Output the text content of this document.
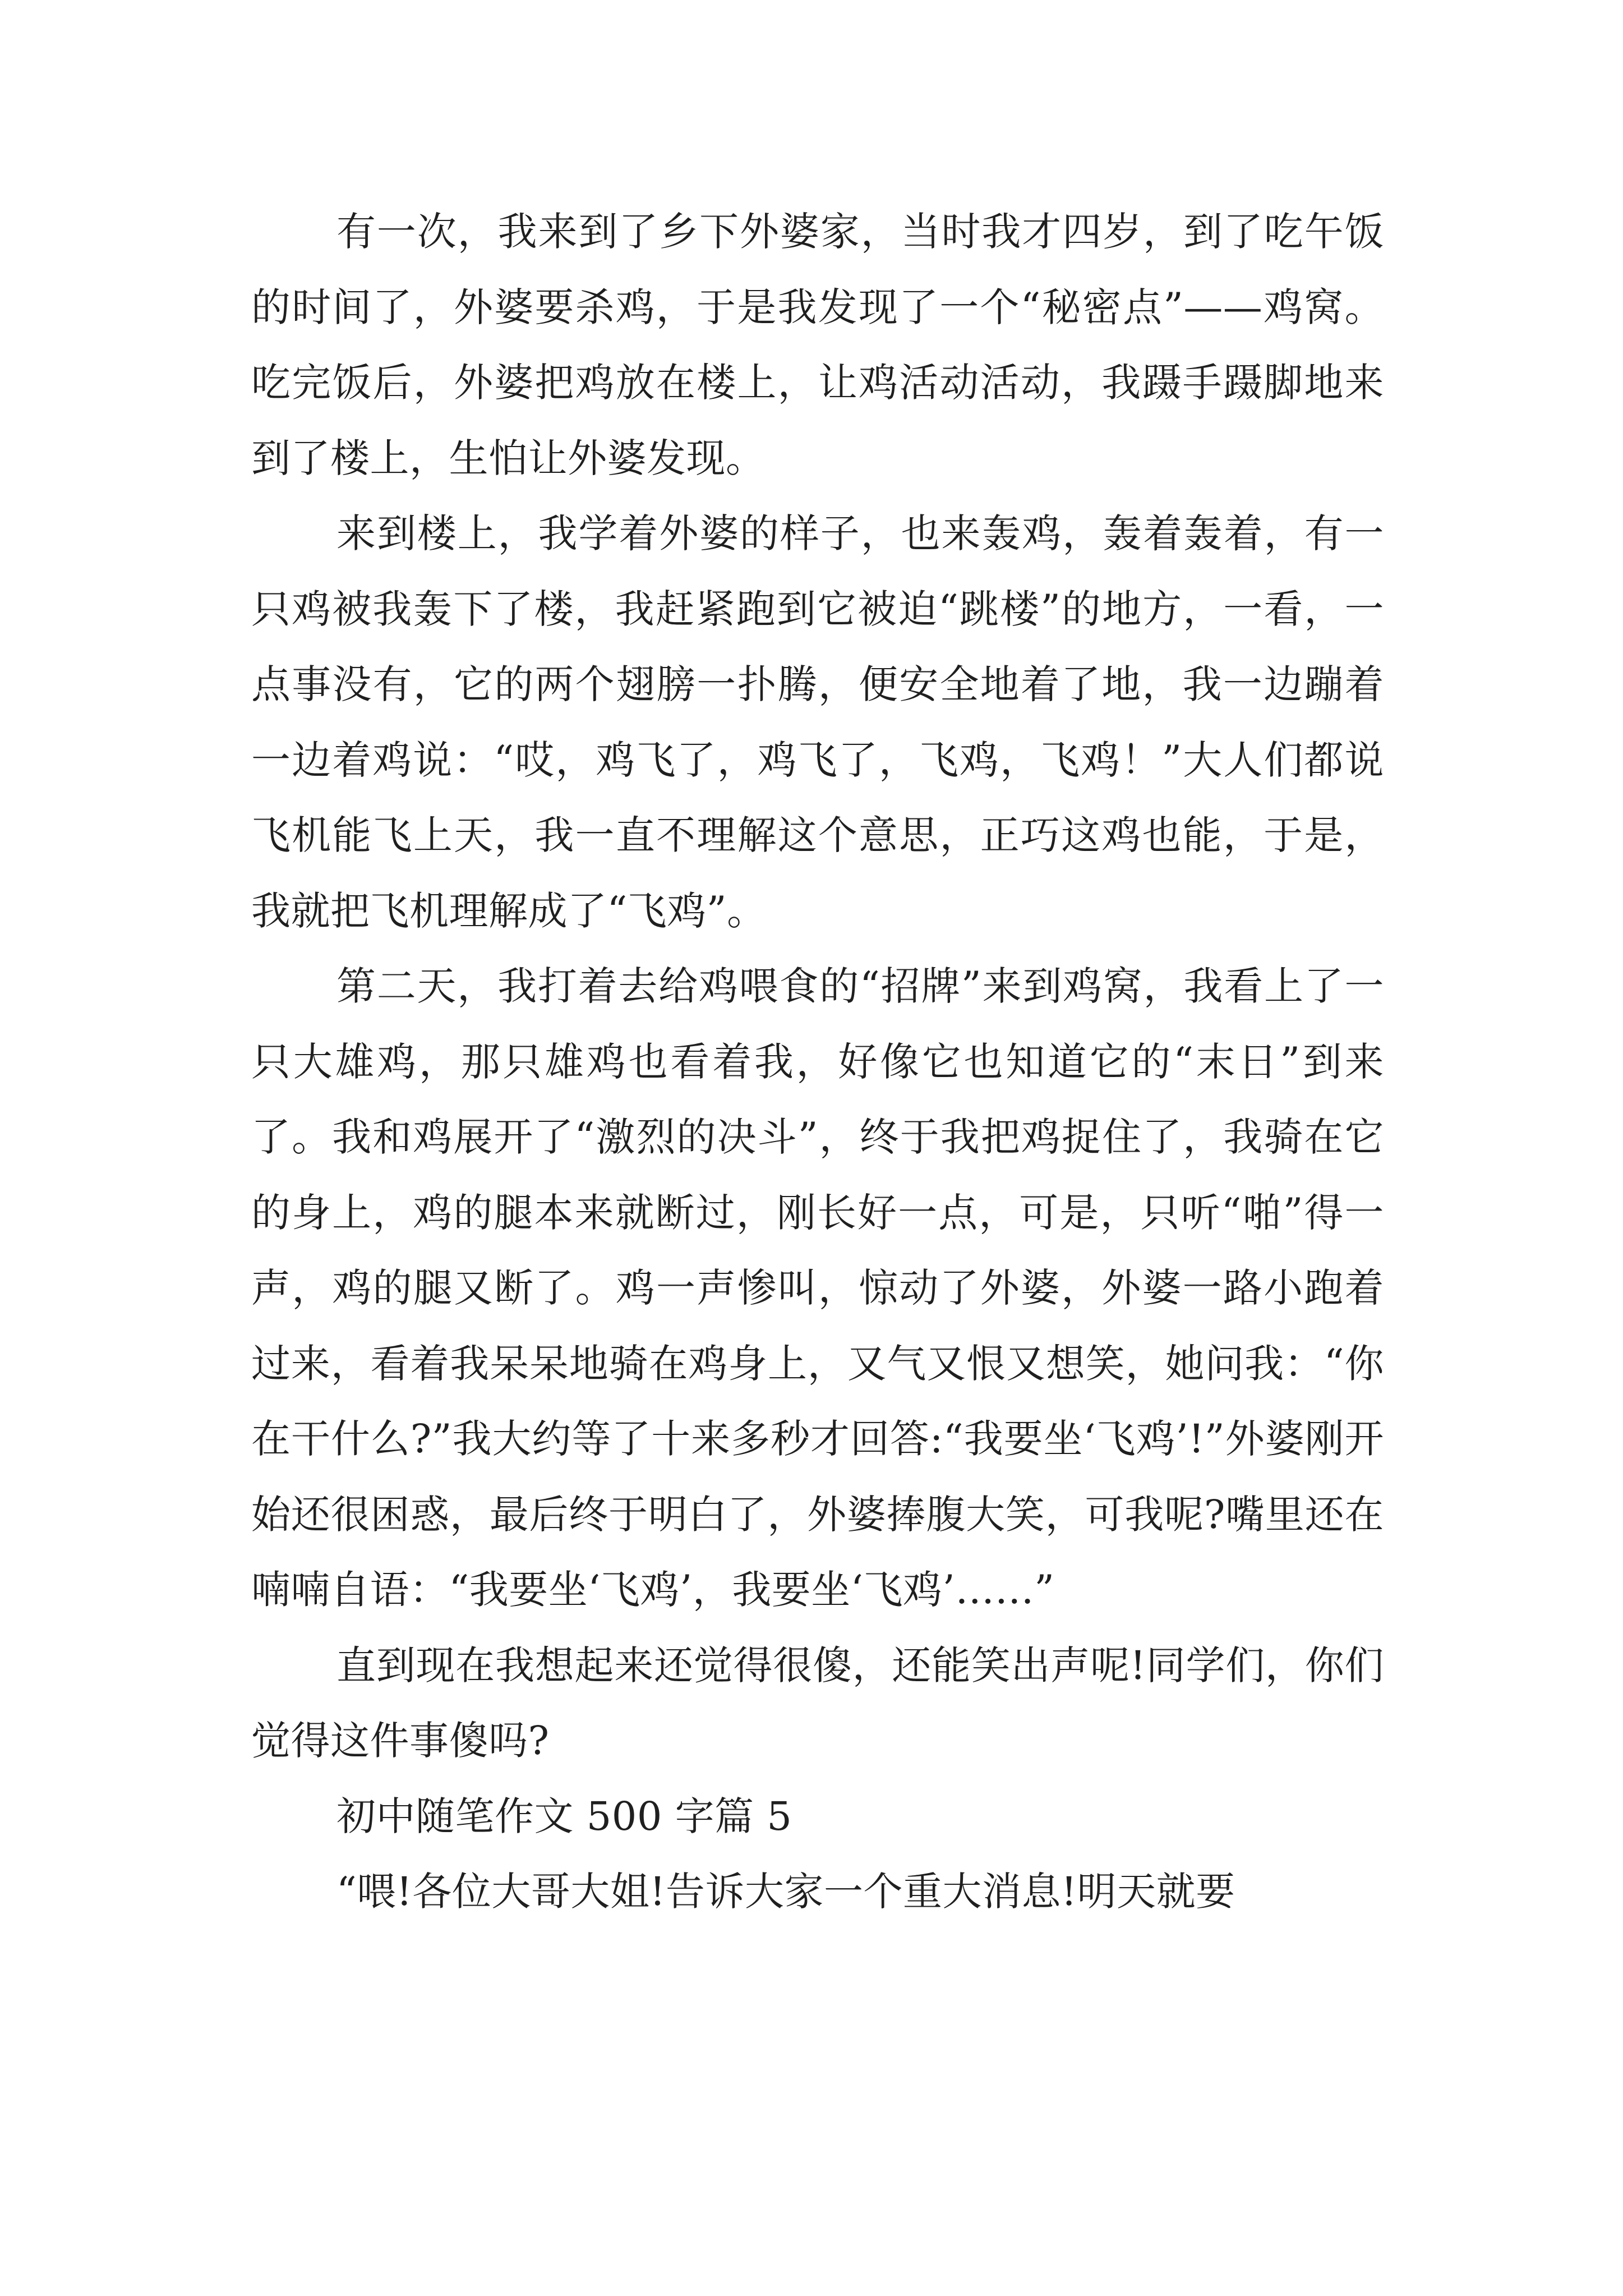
有一次，我来到了乡下外婆家，当时我才四岁，到了吃午饭的时间了，外婆要杀鸡，于是我发现了一个“秘密点”——鸡窝。吃完饭后，外婆把鸡放在楼上，让鸡活动活动，我蹑手蹑脚地来到了楼上，生怕让外婆发现。

来到楼上，我学着外婆的样子，也来轰鸡，轰着轰着，有一只鸡被我轰下了楼，我赶紧跑到它被迫“跳楼”的地方，一看，一点事没有，它的两个翅膀一扑腾，便安全地着了地，我一边蹦着一边着鸡说：“哎，鸡飞了，鸡飞了，飞鸡，飞鸡！”大人们都说飞机能飞上天，我一直不理解这个意思，正巧这鸡也能，于是，我就把飞机理解成了“飞鸡”。

第二天，我打着去给鸡喂食的“招牌”来到鸡窝，我看上了一只大雄鸡，那只雄鸡也看着我，好像它也知道它的“末日”到来了。我和鸡展开了“激烈的决斗”，终于我把鸡捉住了，我骑在它的身上，鸡的腿本来就断过，刚长好一点，可是，只听“啪”得一声，鸡的腿又断了。鸡一声惨叫，惊动了外婆，外婆一路小跑着过来，看着我呆呆地骑在鸡身上，又气又恨又想笑，她问我：“你在干什么?”我大约等了十来多秒才回答:“我要坐‘飞鸡’!”外婆刚开始还很困惑，最后终于明白了，外婆捧腹大笑，可我呢?嘴里还在喃喃自语：“我要坐‘飞鸡’，我要坐‘飞鸡’……”

直到现在我想起来还觉得很傻，还能笑出声呢!同学们，你们觉得这件事傻吗?

初中随笔作文 500 字篇 5

“喂!各位大哥大姐!告诉大家一个重大消息!明天就要
